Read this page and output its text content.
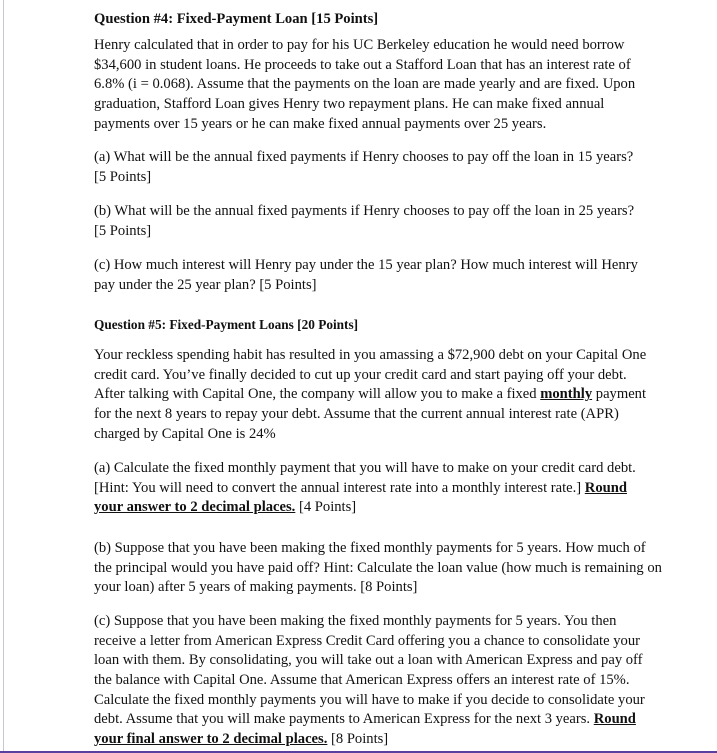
Question #4: Fixed-Payment Loan [15 Points]
Henry calculated that in order to pay for his UC Berkeley education he would need borrow
$34,600 in student loans. He proceeds to take out a Stafford Loan that has an interest rate of
6.8% (i = 0.068). Assume that the payments on the loan are made yearly and are fixed. Upon
graduation, Stafford Loan gives Henry two repayment plans. He can make fixed annual
payments over 15 years or he can make fixed annual payments over 25 years.
(a) What will be the annual fixed payments if Henry chooses to pay off the loan in 15 years?
[5 Points]
(b) What will be the annual fixed payments if Henry chooses to pay off the loan in 25 years?
[5 Points]
(c) How much interest will Henry pay under the 15 year plan? How much interest will Henry
pay under the 25 year plan? [5 Points]
Question #5: Fixed-Payment Loans [20 Points]
Your reckless spending habit has resulted in you amassing a $72,900 debt on your Capital One
credit card. You’ve finally decided to cut up your credit card and start paying off your debt.
After talking with Capital One, the company will allow you to make a fixed monthly payment
for the next 8 years to repay your debt. Assume that the current annual interest rate (APR)
charged by Capital One is 24%
(a) Calculate the fixed monthly payment that you will have to make on your credit card debt.
[Hint: You will need to convert the annual interest rate into a monthly interest rate.] Round
your answer to 2 decimal places. [4 Points]
(b) Suppose that you have been making the fixed monthly payments for 5 years. How much of
the principal would you have paid off? Hint: Calculate the loan value (how much is remaining on
your loan) after 5 years of making payments. [8 Points]
(c) Suppose that you have been making the fixed monthly payments for 5 years. You then
receive a letter from American Express Credit Card offering you a chance to consolidate your
loan with them. By consolidating, you will take out a loan with American Express and pay off
the balance with Capital One. Assume that American Express offers an interest rate of 15%.
Calculate the fixed monthly payments you will have to make if you decide to consolidate your
debt. Assume that you will make payments to American Express for the next 3 years. Round
your final answer to 2 decimal places. [8 Points]
